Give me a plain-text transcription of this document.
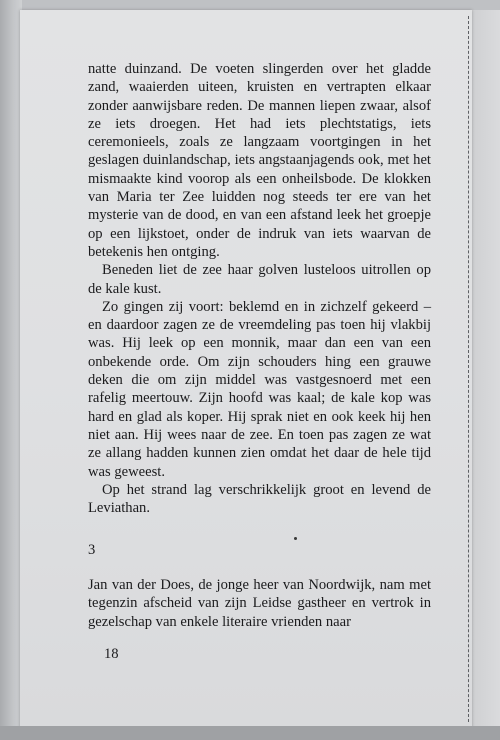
natte duinzand. De voeten slingerden over het gladde zand, waaierden uiteen, kruisten en vertrapten elkaar zonder aanwijsbare reden. De mannen liepen zwaar, alsof ze iets droegen. Het had iets plechtstatigs, iets ceremonieels, zoals ze langzaam voortgingen in het geslagen duinlandschap, iets angstaanjagends ook, met het mismaakte kind voorop als een onheilsbode. De klokken van Maria ter Zee luidden nog steeds ter ere van het mysterie van de dood, en van een afstand leek het groepje op een lijkstoet, onder de indruk van iets waarvan de betekenis hen ontging.

Beneden liet de zee haar golven lusteloos uitrollen op de kale kust.

Zo gingen zij voort: beklemd en in zichzelf gekeerd – en daardoor zagen ze de vreemdeling pas toen hij vlakbij was. Hij leek op een monnik, maar dan een van een onbekende orde. Om zijn schouders hing een grauwe deken die om zijn middel was vastgesnoerd met een rafelig meertouw. Zijn hoofd was kaal; de kale kop was hard en glad als koper. Hij sprak niet en ook keek hij hen niet aan. Hij wees naar de zee. En toen pas zagen ze wat ze allang hadden kunnen zien omdat het daar de hele tijd was geweest.

Op het strand lag verschrikkelijk groot en levend de Leviathan.

3

Jan van der Does, de jonge heer van Noordwijk, nam met tegenzin afscheid van zijn Leidse gastheer en vertrok in gezelschap van enkele literaire vrienden naar

18
